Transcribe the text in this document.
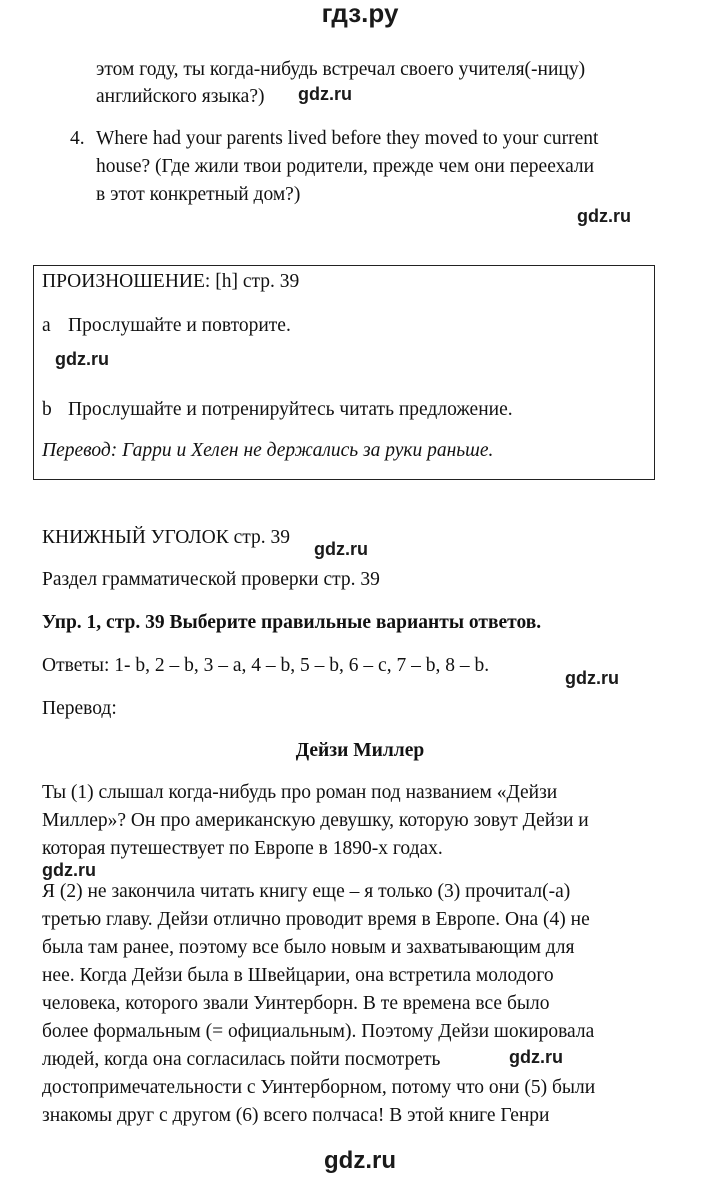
гдз.ру
этом году, ты когда-нибудь встречал своего учителя(-ницу)
английского языка?) gdz.ru
4. Where had your parents lived before they moved to your current
house? (Где жили твои родители, прежде чем они переехали
в этот конкретный дом?)
gdz.ru
ПРОИЗНОШЕНИЕ: [h] стр. 39
a Прослушайте и повторите.
gdz.ru
b Прослушайте и потренируйтесь читать предложение.
Перевод: Гарри и Хелен не держались за руки раньше.
КНИЖНЫЙ УГОЛОК стр. 39
gdz.ru
Раздел грамматической проверки стр. 39
Упр. 1, стр. 39 Выберите правильные варианты ответов.
Ответы: 1- b, 2 – b, 3 – a, 4 – b, 5 – b, 6 – c, 7 – b, 8 – b.
gdz.ru
Перевод:
Дейзи Миллер
Ты (1) слышал когда-нибудь про роман под названием «Дейзи
Миллер»? Он про американскую девушку, которую зовут Дейзи и
которая путешествует по Европе в 1890-х годах.
gdz.ru
Я (2) не закончила читать книгу еще – я только (3) прочитал(-а)
третью главу. Дейзи отлично проводит время в Европе. Она (4) не
была там ранее, поэтому все было новым и захватывающим для
нее. Когда Дейзи была в Швейцарии, она встретила молодого
человека, которого звали Уинтерборн. В те времена все было
более формальным (= официальным). Поэтому Дейзи шокировала
людей, когда она согласилась пойти посмотреть	gdz.ru
достопримечательности с Уинтерборном, потому что они (5) были
знакомы друг с другом (6) всего полчаса! В этой книге Генри
gdz.ru
